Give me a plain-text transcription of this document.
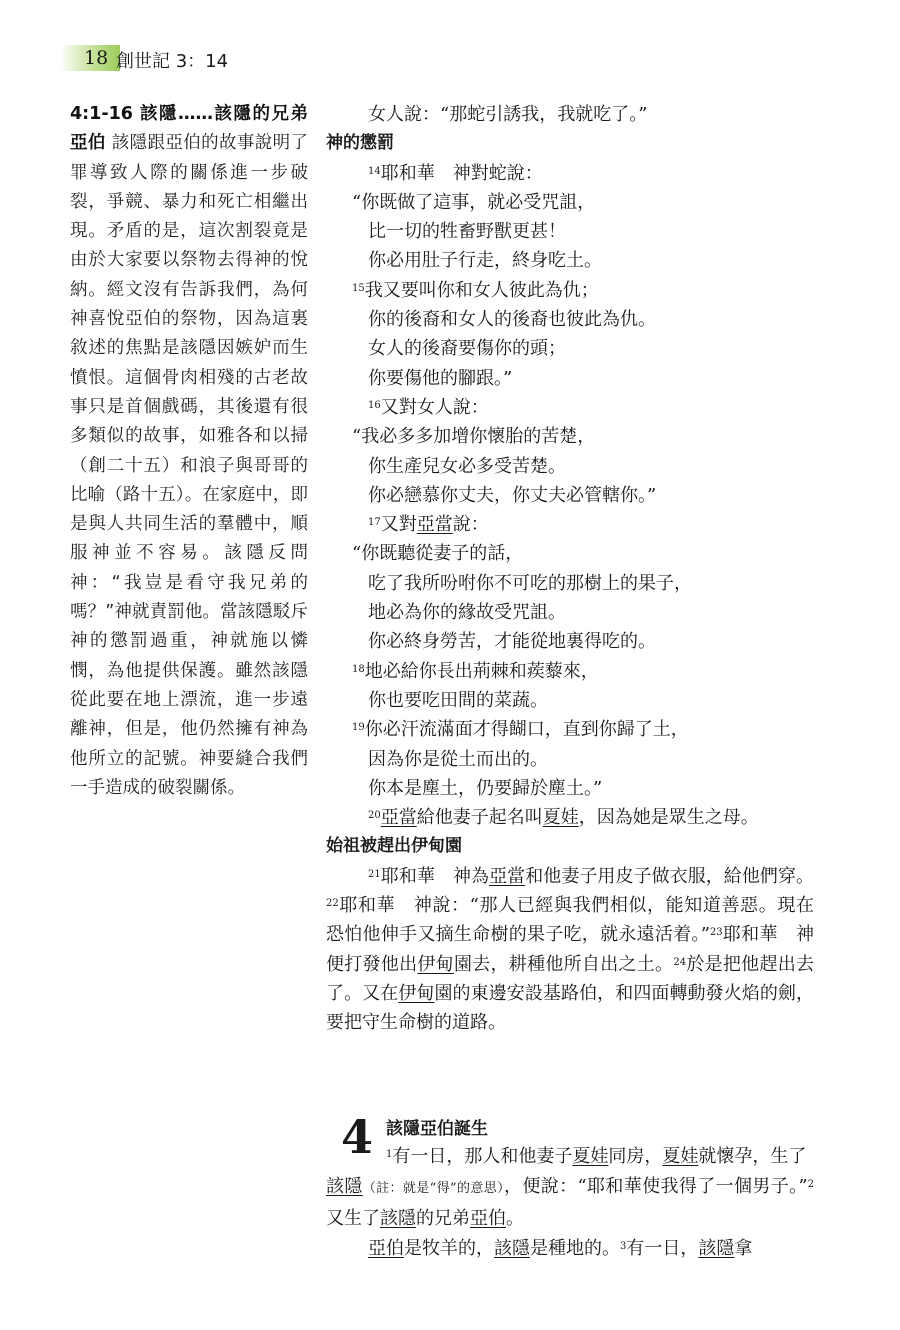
18 創世記 3：14
4:1-16 該隱……該隱的兄弟亞伯 該隱跟亞伯的故事說明了罪導致人際的關係進一步破裂，爭競、暴力和死亡相繼出現。矛盾的是，這次割裂竟是由於大家要以祭物去得神的悅納。經文沒有告訴我們，為何神喜悅亞伯的祭物，因為這裏敘述的焦點是該隱因嫉妒而生憤恨。這個骨肉相殘的古老故事只是首個戲碼，其後還有很多類似的故事，如雅各和以掃（創二十五）和浪子與哥哥的比喻（路十五）。在家庭中，即是與人共同生活的羣體中，順服神並不容易。該隱反問神：“我豈是看守我兄弟的嗎？”神就責罰他。當該隱駁斥神的懲罰過重，神就施以憐憫，為他提供保護。雖然該隱從此要在地上漂流，進一步遠離神，但是，他仍然擁有神為他所立的記號。神要縫合我們一手造成的破裂關係。

女人說：“那蛇引誘我，我就吃了。”

神的懲罰

$^{14}$耶和華　神對蛇說：

“你既做了這事，就必受咒詛，

比一切的牲畜野獸更甚！

你必用肚子行走，終身吃土。

$^{15}$我又要叫你和女人彼此為仇；

你的後裔和女人的後裔也彼此為仇。

女人的後裔要傷你的頭；

你要傷他的腳跟。”

$^{16}$又對女人說：

“我必多多加增你懷胎的苦楚，

你生產兒女必多受苦楚。

你必戀慕你丈夫，你丈夫必管轄你。”

$^{17}$又對亞當說：

“你既聽從妻子的話，

吃了我所吩咐你不可吃的那樹上的果子，

地必為你的緣故受咒詛。

你必終身勞苦，才能從地裏得吃的。

$^{18}$地必給你長出荊棘和蒺藜來，

你也要吃田間的菜蔬。

$^{19}$你必汗流滿面才得餬口，直到你歸了土，

因為你是從土而出的。

你本是塵土，仍要歸於塵土。”

$^{20}$亞當給他妻子起名叫夏娃，因為她是眾生之母。

始祖被趕出伊甸園

$^{21}$耶和華　神為亞當和他妻子用皮子做衣服，給他們穿。$^{22}$耶和華　神說：“那人已經與我們相似，能知道善惡。現在恐怕他伸手又摘生命樹的果子吃，就永遠活着。”$^{23}$耶和華　神便打發他出伊甸園去，耕種他所自出之土。$^{24}$於是把他趕出去了。又在伊甸園的東邊安設基路伯，和四面轉動發火焰的劍，要把守生命樹的道路。

4 該隱亞伯誕生

$^1$有一日，那人和他妻子夏娃同房，夏娃就懷孕，生了

該隱（註：就是“得”的意思），便說：“耶和華使我得了一個男子。”$^2$又生了該隱的兄弟亞伯。

亞伯是牧羊的，該隱是種地的。$^3$有一日，該隱拿
